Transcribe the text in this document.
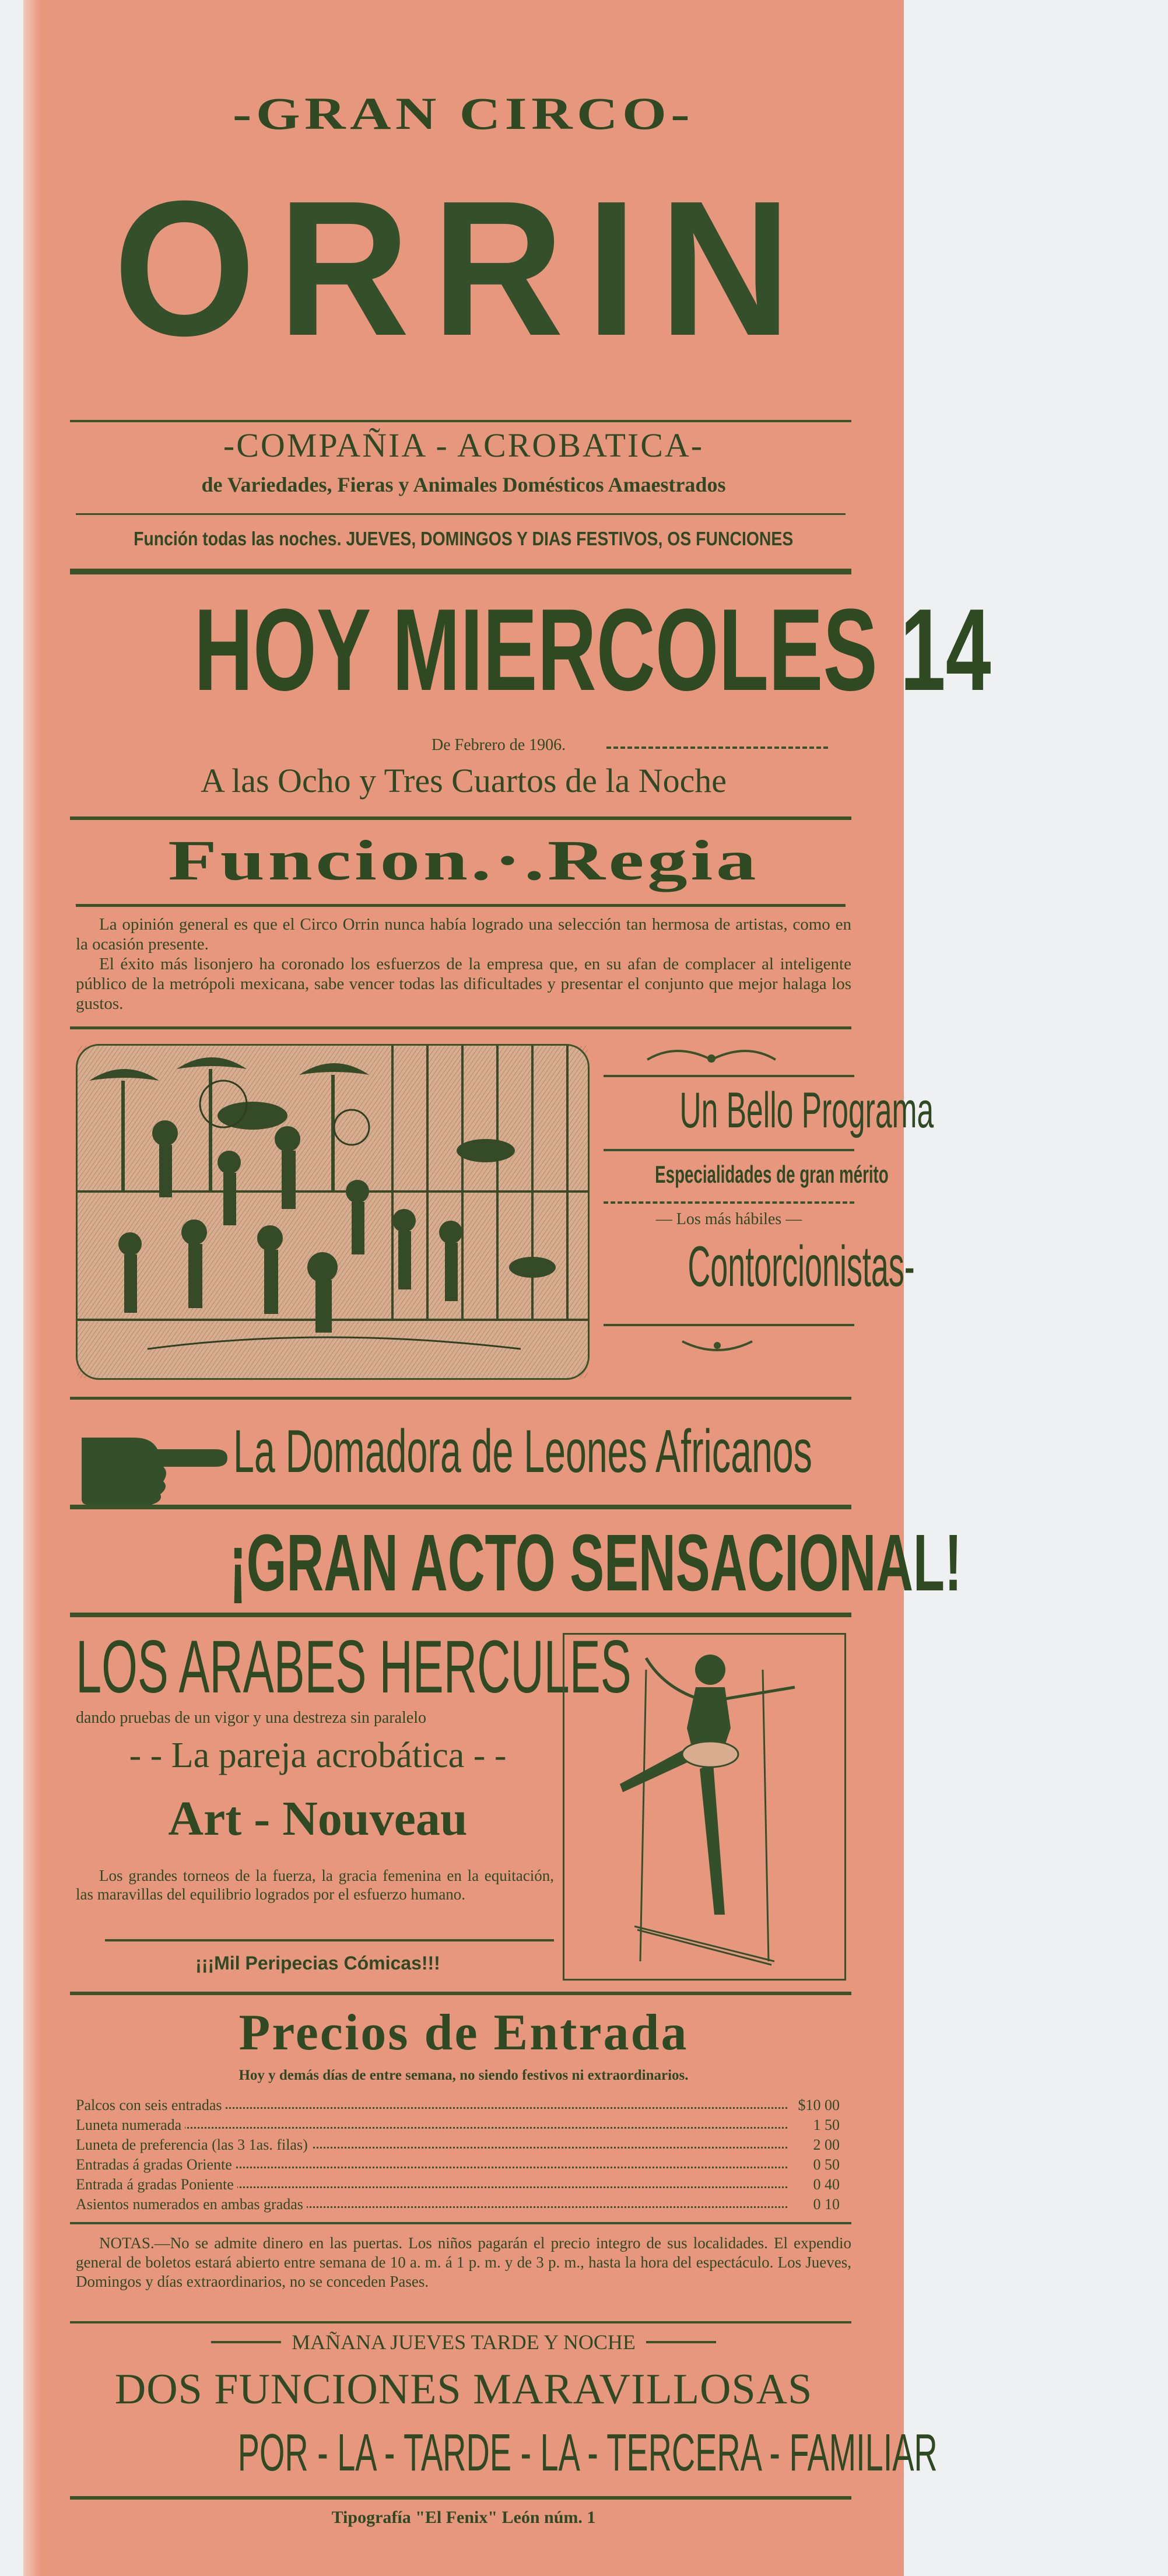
-GRAN CIRCO-
ORRIN
-COMPAÑIA - ACROBATICA-
de Variedades, Fieras y Animales Domésticos Amaestrados
Función todas las noches. JUEVES, DOMINGOS Y DIAS FESTIVOS, OS FUNCIONES
HOY MIERCOLES 14
De Febrero de 1906.
A las Ocho y Tres Cuartos de la Noche
Funcion.·.Regia
La opinión general es que el Circo Orrin nunca había logrado una selección tan hermosa de artistas, como en la ocasión presente.
El éxito más lisonjero ha coronado los esfuerzos de la empresa que, en su afan de complacer al inteligente público de la metrópoli mexicana, sabe vencer todas las dificultades y presentar el conjunto que mejor halaga los gustos.
Un Bello Programa
Especialidades de gran mérito
— Los más hábiles —
Contorcionistas-
La Domadora de Leones Africanos
¡GRAN ACTO SENSACIONAL!
LOS ARABES HERCULES
dando pruebas de un vigor y una destreza sin paralelo
- - La pareja acrobática - -
Art - Nouveau
Los grandes torneos de la fuerza, la gracia femenina en la equitación, las maravillas del equilibrio logrados por el esfuerzo humano.
¡¡¡Mil Peripecias Cómicas!!!
Precios de Entrada
Hoy y demás días de entre semana, no siendo festivos ni extraordinarios.
Palcos con seis entradas	$10 00
Luneta numerada	1 50
Luneta de preferencia (las 3 1as. filas)	2 00
Entradas á gradas Oriente	0 50
Entrada á gradas Poniente	0 40
Asientos numerados en ambas gradas	0 10
NOTAS.—No se admite dinero en las puertas. Los niños pagarán el precio integro de sus localidades. El expendio general de boletos estará abierto entre semana de 10 a. m. á 1 p. m. y de 3 p. m., hasta la hora del espectáculo. Los Jueves, Domingos y días extraordinarios, no se conceden Pases.
MAÑANA JUEVES TARDE Y NOCHE
DOS FUNCIONES MARAVILLOSAS
POR - LA - TARDE - LA - TERCERA - FAMILIAR
Tipografía "El Fenix" León núm. 1
